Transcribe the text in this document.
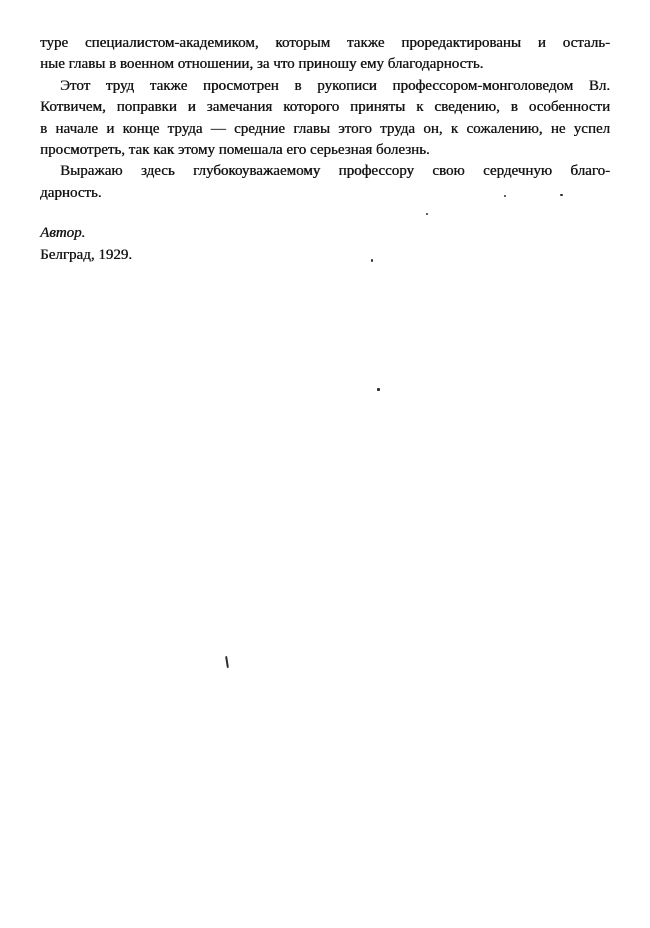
туре специалистом-академиком, которым также проредактированы и осталь-
ные главы в военном отношении, за что приношу ему благодарность.
Этот труд также просмотрен в рукописи профессором-монголоведом Вл.
Котвичем, поправки и замечания которого приняты к сведению, в особенности
в начале и конце труда — средние главы этого труда он, к сожалению, не успел
просмотреть, так как этому помешала его серьезная болезнь.
Выражаю здесь глубокоуважаемому профессору свою сердечную благо-
дарность.
Автор.
Белград, 1929.
